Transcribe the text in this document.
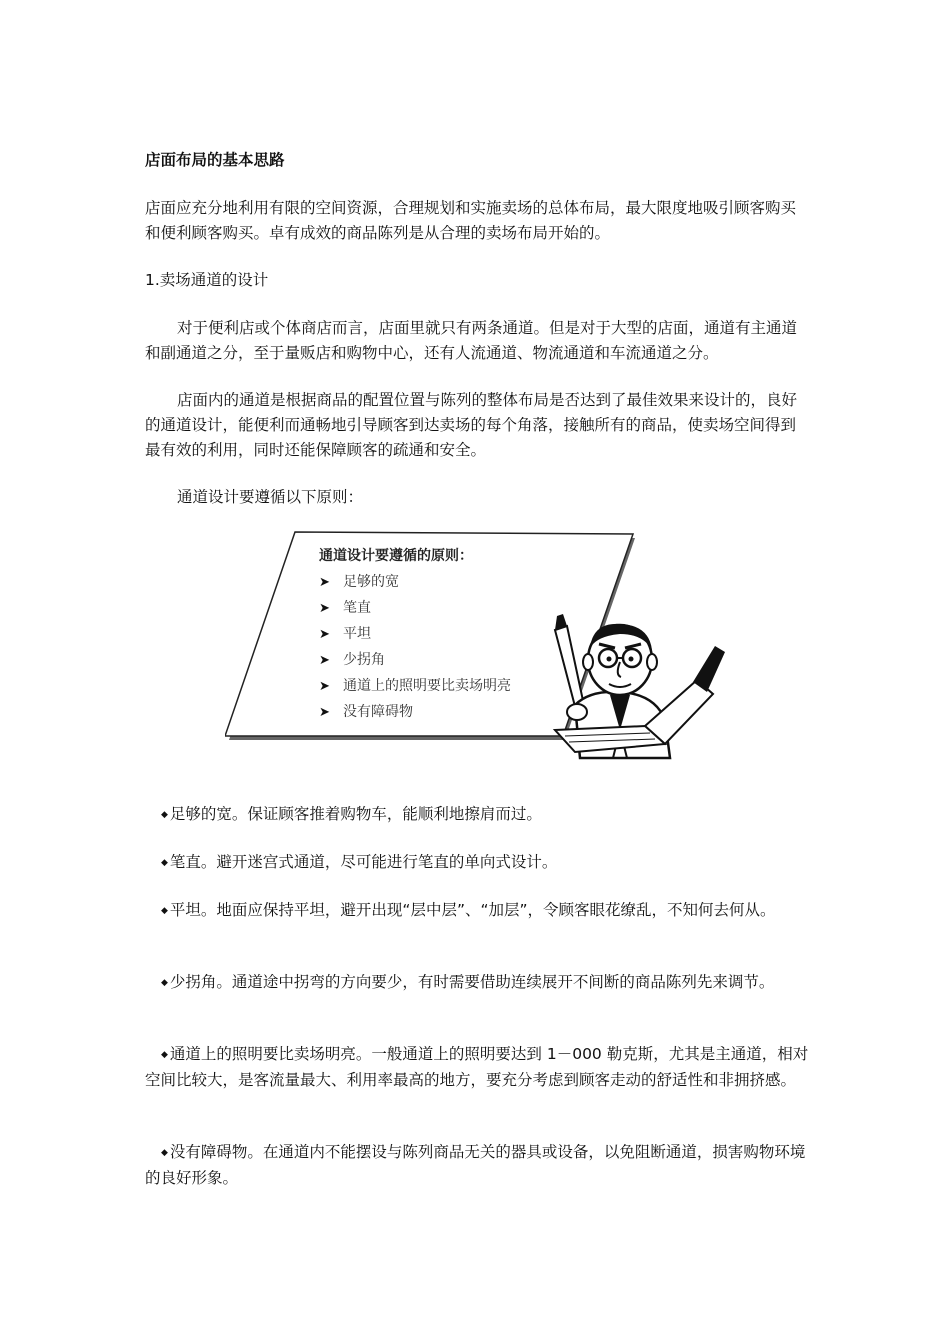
店面布局的基本思路

店面应充分地利用有限的空间资源，合理规划和实施卖场的总体布局，最大限度地吸引顾客购买和便利顾客购买。卓有成效的商品陈列是从合理的卖场布局开始的。

1.卖场通道的设计

对于便利店或个体商店而言，店面里就只有两条通道。但是对于大型的店面，通道有主通道和副通道之分，至于量贩店和购物中心，还有人流通道、物流通道和车流通道之分。

店面内的通道是根据商品的配置位置与陈列的整体布局是否达到了最佳效果来设计的，良好的通道设计，能便利而通畅地引导顾客到达卖场的每个角落，接触所有的商品，使卖场空间得到最有效的利用，同时还能保障顾客的疏通和安全。

通道设计要遵循以下原则：

通道设计要遵循的原则：
➤ 足够的宽
➤ 笔直
➤ 平坦
➤ 少拐角
➤ 通道上的照明要比卖场明亮
➤ 没有障碍物

◆ 足够的宽。保证顾客推着购物车，能顺利地擦肩而过。

◆ 笔直。避开迷宫式通道，尽可能进行笔直的单向式设计。

◆ 平坦。地面应保持平坦，避开出现“层中层”、“加层”，令顾客眼花缭乱，不知何去何从。

◆ 少拐角。通道途中拐弯的方向要少，有时需要借助连续展开不间断的商品陈列先来调节。

◆ 通道上的照明要比卖场明亮。一般通道上的照明要达到 1－000 勒克斯，尤其是主通道，相对空间比较大，是客流量最大、利用率最高的地方，要充分考虑到顾客走动的舒适性和非拥挤感。

◆ 没有障碍物。在通道内不能摆设与陈列商品无关的器具或设备，以免阻断通道，损害购物环境的良好形象。
